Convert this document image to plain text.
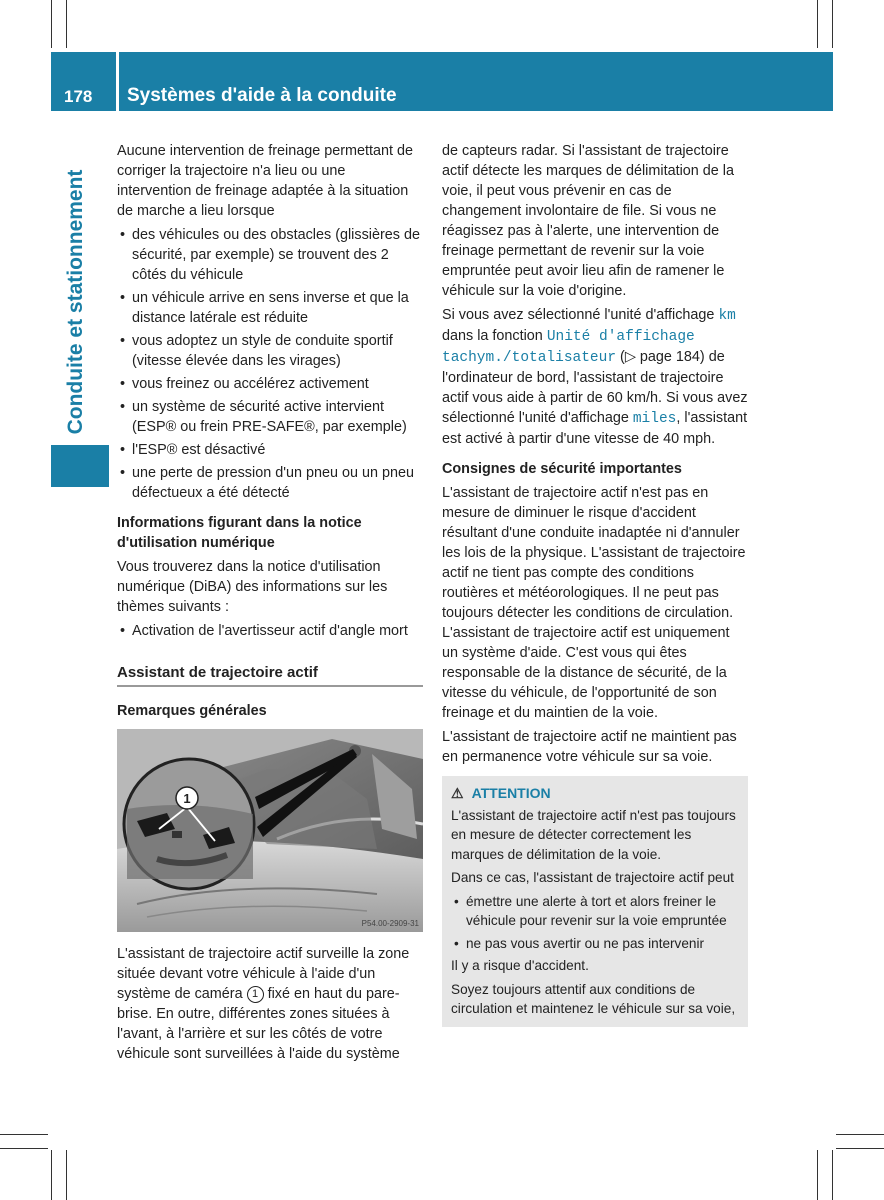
178 Systèmes d'aide à la conduite
Conduite et stationnement

Aucune intervention de freinage permettant de corriger la trajectoire n'a lieu ou une intervention de freinage adaptée à la situation de marche a lieu lorsque

• des véhicules ou des obstacles (glissières de sécurité, par exemple) se trouvent des 2 côtés du véhicule

• un véhicule arrive en sens inverse et que la distance latérale est réduite

• vous adoptez un style de conduite sportif (vitesse élevée dans les virages)

• vous freinez ou accélérez activement

• un système de sécurité active intervient (ESP® ou frein PRE-SAFE®, par exemple)

• l'ESP® est désactivé

• une perte de pression d'un pneu ou un pneu défectueux a été détecté

Informations figurant dans la notice d'utilisation numérique

Vous trouverez dans la notice d'utilisation numérique (DiBA) des informations sur les thèmes suivants :

• Activation de l'avertisseur actif d'angle mort

Assistant de trajectoire actif

Remarques générales

1
P54.00-2909-31

L'assistant de trajectoire actif surveille la zone située devant votre véhicule à l'aide d'un système de caméra 1 fixé en haut du pare-brise. En outre, différentes zones situées à l'avant, à l'arrière et sur les côtés de votre véhicule sont surveillées à l'aide du système

de capteurs radar. Si l'assistant de trajectoire actif détecte les marques de délimitation de la voie, il peut vous prévenir en cas de changement involontaire de file. Si vous ne réagissez pas à l'alerte, une intervention de freinage permettant de revenir sur la voie empruntée peut avoir lieu afin de ramener le véhicule sur la voie d'origine.

Si vous avez sélectionné l'unité d'affichage km dans la fonction Unité d'affichage tachym./totalisateur (▷ page 184) de l'ordinateur de bord, l'assistant de trajectoire actif vous aide à partir de 60 km/h. Si vous avez sélectionné l'unité d'affichage miles, l'assistant est activé à partir d'une vitesse de 40 mph.

Consignes de sécurité importantes

L'assistant de trajectoire actif n'est pas en mesure de diminuer le risque d'accident résultant d'une conduite inadaptée ni d'annuler les lois de la physique. L'assistant de trajectoire actif ne tient pas compte des conditions routières et météorologiques. Il ne peut pas toujours détecter les conditions de circulation. L'assistant de trajectoire actif est uniquement un système d'aide. C'est vous qui êtes responsable de la distance de sécurité, de la vitesse du véhicule, de l'opportunité de son freinage et du maintien de la voie.

L'assistant de trajectoire actif ne maintient pas en permanence votre véhicule sur sa voie.

⚠ ATTENTION

L'assistant de trajectoire actif n'est pas toujours en mesure de détecter correctement les marques de délimitation de la voie.

Dans ce cas, l'assistant de trajectoire actif peut

• émettre une alerte à tort et alors freiner le véhicule pour revenir sur la voie empruntée

• ne pas vous avertir ou ne pas intervenir

Il y a risque d'accident.

Soyez toujours attentif aux conditions de circulation et maintenez le véhicule sur sa voie,
